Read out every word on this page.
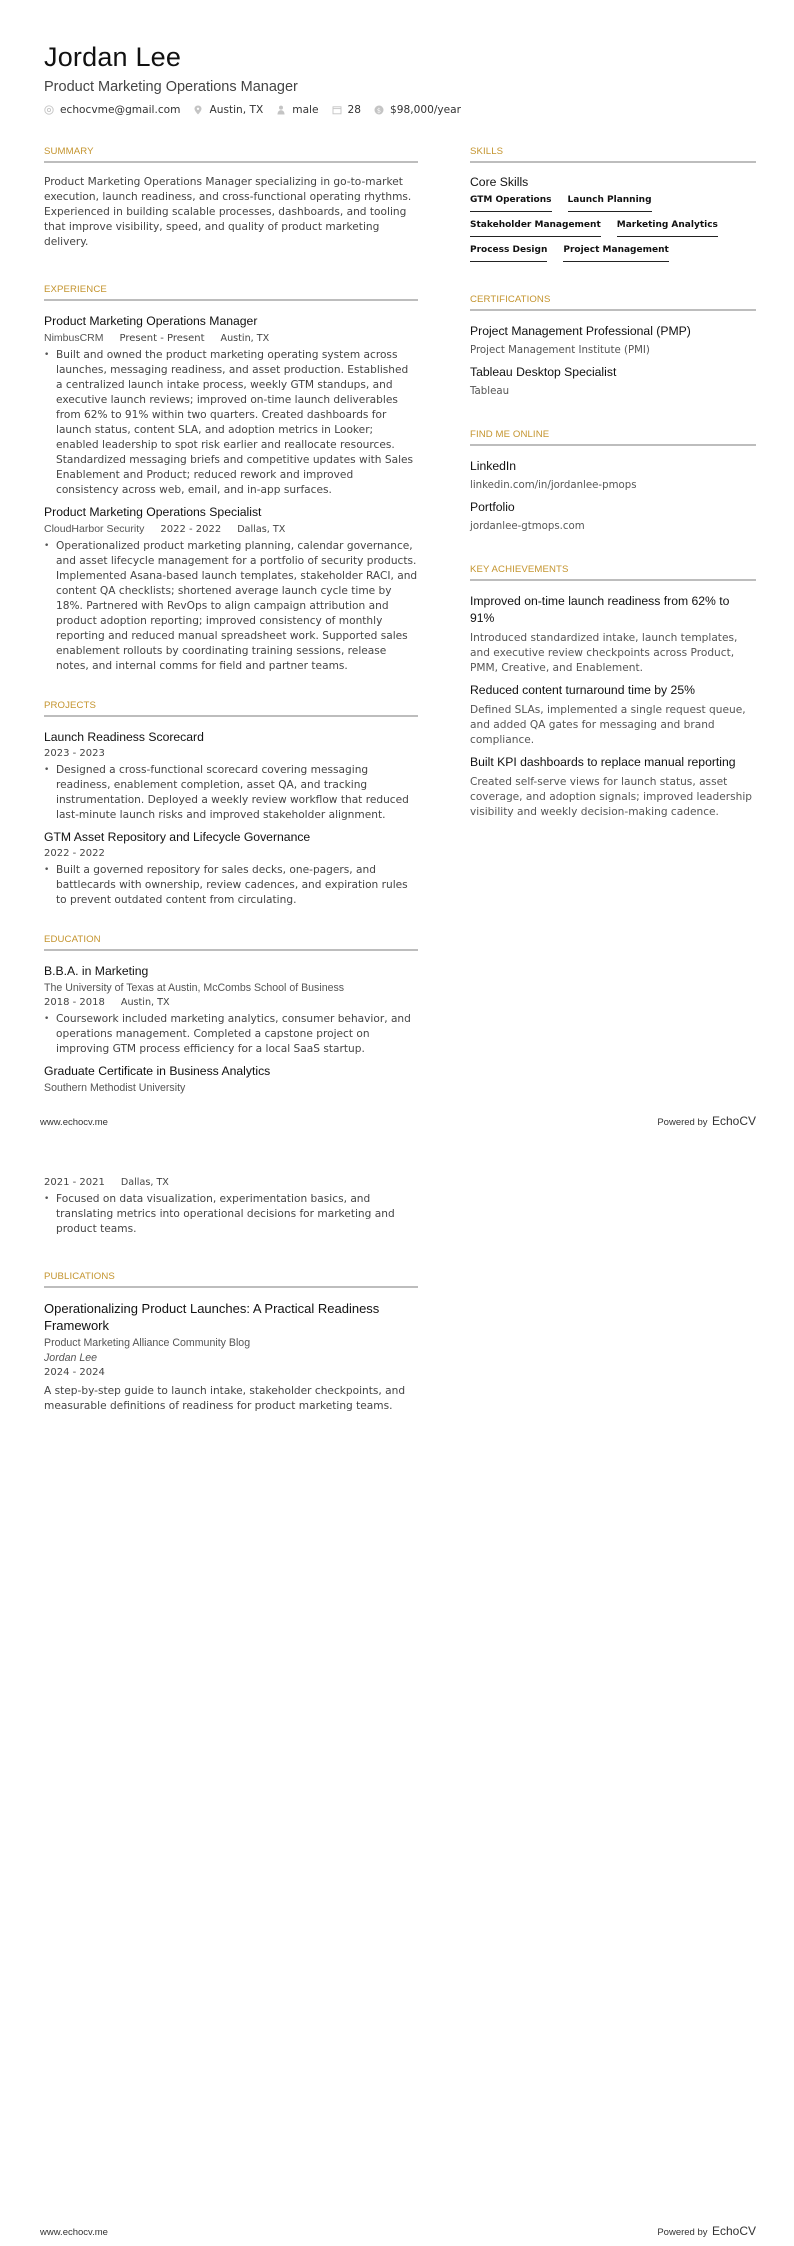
Jordan Lee
Product Marketing Operations Manager
echocvme@gmail.com	Austin, TX	male	28 $ $98,000/year
SUMMARY
Product Marketing Operations Manager specializing in go-to-market execution, launch readiness, and cross-functional operating rhythms. Experienced in building scalable processes, dashboards, and tooling that improve visibility, speed, and quality of product marketing delivery.
EXPERIENCE
Product Marketing Operations Manager
NimbusCRM Present - Present Austin, TX
• Built and owned the product marketing operating system across launches, messaging readiness, and asset production. Established a centralized launch intake process, weekly GTM standups, and executive launch reviews; improved on-time launch deliverables from 62% to 91% within two quarters. Created dashboards for launch status, content SLA, and adoption metrics in Looker; enabled leadership to spot risk earlier and reallocate resources. Standardized messaging briefs and competitive updates with Sales Enablement and Product; reduced rework and improved consistency across web, email, and in-app surfaces.
Product Marketing Operations Specialist
CloudHarbor Security 2022 - 2022 Dallas, TX
• Operationalized product marketing planning, calendar governance, and asset lifecycle management for a portfolio of security products. Implemented Asana-based launch templates, stakeholder RACI, and content QA checklists; shortened average launch cycle time by 18%. Partnered with RevOps to align campaign attribution and product adoption reporting; improved consistency of monthly reporting and reduced manual spreadsheet work. Supported sales enablement rollouts by coordinating training sessions, release notes, and internal comms for field and partner teams.
PROJECTS
Launch Readiness Scorecard
2023 - 2023
• Designed a cross-functional scorecard covering messaging readiness, enablement completion, asset QA, and tracking instrumentation. Deployed a weekly review workflow that reduced last-minute launch risks and improved stakeholder alignment.
GTM Asset Repository and Lifecycle Governance
2022 - 2022
• Built a governed repository for sales decks, one-pagers, and battlecards with ownership, review cadences, and expiration rules to prevent outdated content from circulating.
EDUCATION
B.B.A. in Marketing
The University of Texas at Austin, McCombs School of Business
2018 - 2018 Austin, TX
• Coursework included marketing analytics, consumer behavior, and operations management. Completed a capstone project on improving GTM process efficiency for a local SaaS startup.
Graduate Certificate in Business Analytics
Southern Methodist University
SKILLS
Core Skills
GTM Operations Launch Planning
Stakeholder Management Marketing Analytics
Process Design Project Management
CERTIFICATIONS
Project Management Professional (PMP)
Project Management Institute (PMI)
Tableau Desktop Specialist
Tableau
FIND ME ONLINE
LinkedIn
linkedin.com/in/jordanlee-pmops
Portfolio
jordanlee-gtmops.com
KEY ACHIEVEMENTS
Improved on-time launch readiness from 62% to 91%
Introduced standardized intake, launch templates, and executive review checkpoints across Product, PMM, Creative, and Enablement.
Reduced content turnaround time by 25%
Defined SLAs, implemented a single request queue, and added QA gates for messaging and brand compliance.
Built KPI dashboards to replace manual reporting
Created self-serve views for launch status, asset coverage, and adoption signals; improved leadership visibility and weekly decision-making cadence.
www.echocv.me	Powered by EchoCV
2021 - 2021 Dallas, TX
• Focused on data visualization, experimentation basics, and translating metrics into operational decisions for marketing and product teams.
PUBLICATIONS
Operationalizing Product Launches: A Practical Readiness Framework
Product Marketing Alliance Community Blog
Jordan Lee
2024 - 2024
A step-by-step guide to launch intake, stakeholder checkpoints, and measurable definitions of readiness for product marketing teams.
www.echocv.me	Powered by EchoCV
